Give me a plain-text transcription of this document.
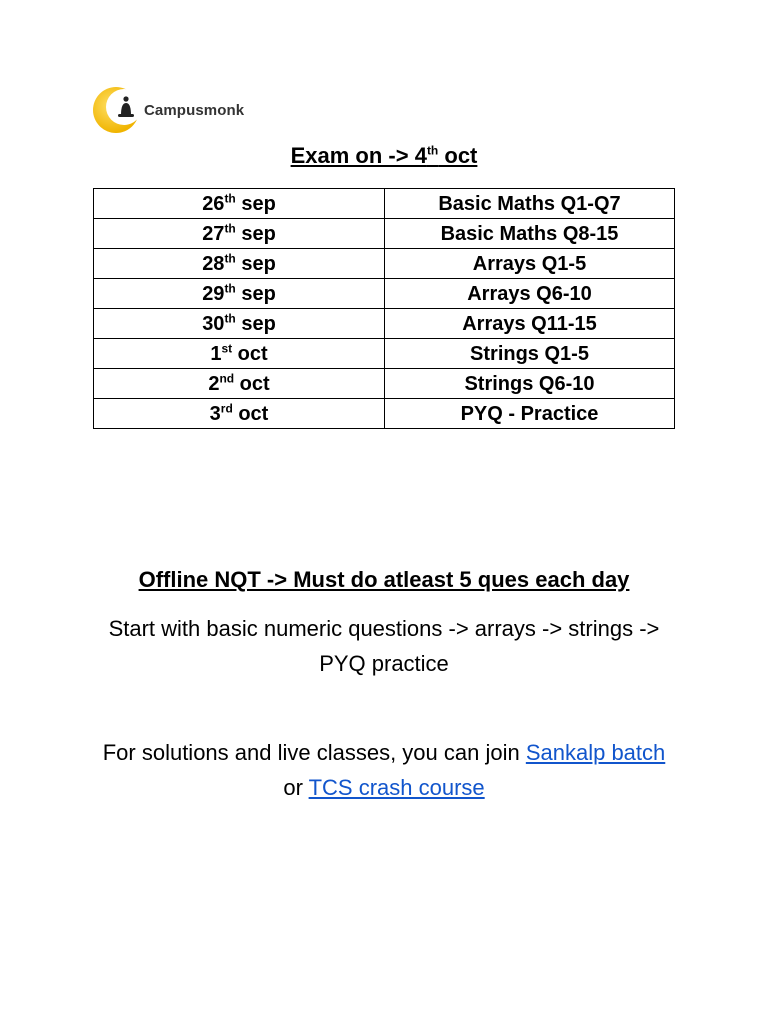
Campusmonk
Exam on -> 4th oct
26th sep	Basic Maths Q1-Q7
27th sep	Basic Maths Q8-15
28th sep	Arrays Q1-5
29th sep	Arrays Q6-10
30th sep	Arrays Q11-15
1st oct	Strings Q1-5
2nd oct	Strings Q6-10
3rd oct	PYQ - Practice
Offline NQT -> Must do atleast 5 ques each day
Start with basic numeric questions -> arrays -> strings -> PYQ practice
For solutions and live classes, you can join Sankalp batch or TCS crash course
